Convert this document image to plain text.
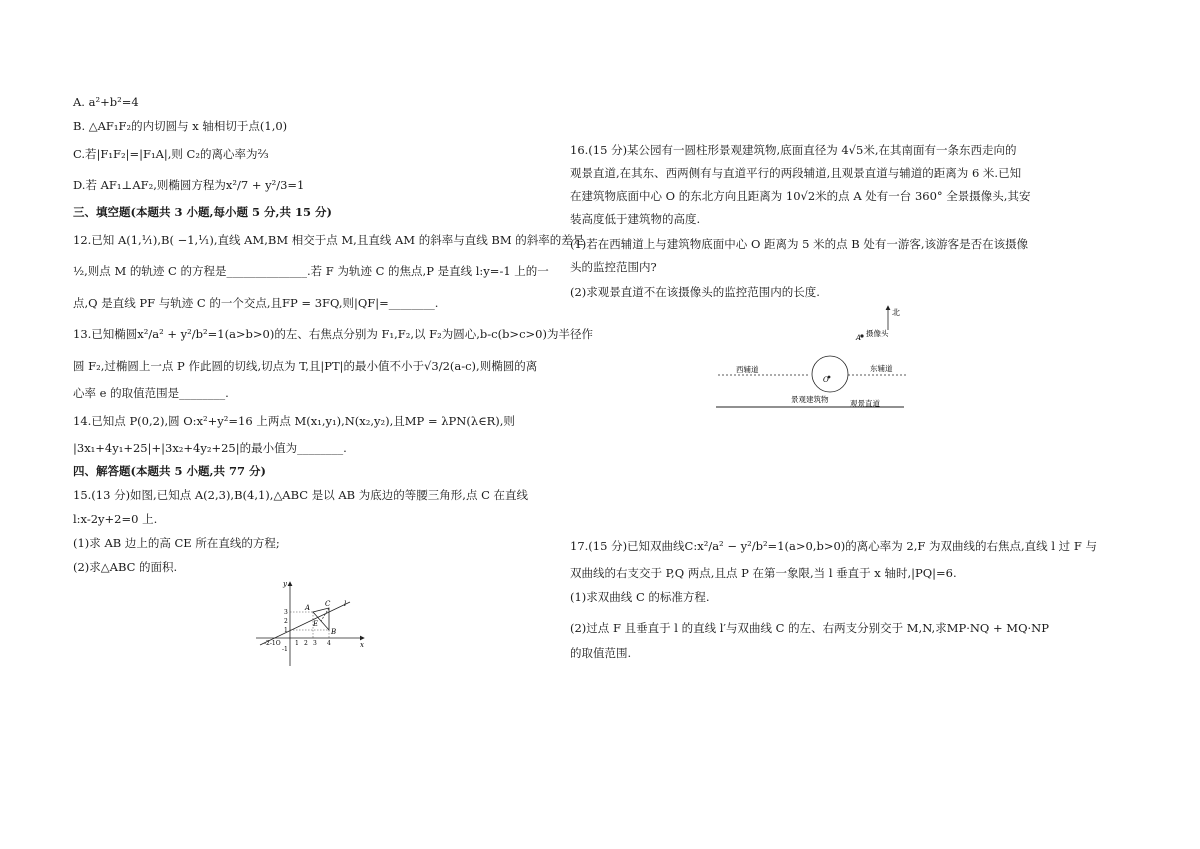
A. a²+b²=4
B. △AF₁F₂的内切圆与 x 轴相切于点(1,0)
C.若|F₁F₂|=|F₁A|,则 C₂的离心率为²⁄₃
D.若 AF₁⊥AF₂,则椭圆方程为x²/7 + y²/3=1
三、填空题(本题共 3 小题,每小题 5 分,共 15 分)
12.已知 A(1,¹⁄₁),B( −1,¹⁄₁),直线 AM,BM 相交于点 M,且直线 AM 的斜率与直线 BM 的斜率的差是
½,则点 M 的轨迹 C 的方程是______________.若 F 为轨迹 C 的焦点,P 是直线 l:y=-1 上的一
点,Q 是直线 PF 与轨迹 C 的一个交点,且FP = 3FQ,则|QF|=________.
13.已知椭圆x²/a² + y²/b²=1(a>b>0)的左、右焦点分别为 F₁,F₂,以 F₂为圆心,b-c(b>c>0)为半径作
圆 F₂,过椭圆上一点 P 作此圆的切线,切点为 T,且|PT|的最小值不小于√3/2(a-c),则椭圆的离
心率 e 的取值范围是________.
14.已知点 P(0,2),圆 O:x²+y²=16 上两点 M(x₁,y₁),N(x₂,y₂),且MP = λPN(λ∈R),则
|3x₁+4y₁+25|+|3x₂+4y₂+25|的最小值为________.
四、解答题(本题共 5 小题,共 77 分)
15.(13 分)如图,已知点 A(2,3),B(4,1),△ABC 是以 AB 为底边的等腰三角形,点 C 在直线
l:x-2y+2=0 上.
(1)求 AB 边上的高 CE 所在直线的方程;
(2)求△ABC 的面积.
y
x
l
A
B
C
E
3
2
1
-1
-2-1O 1 2 3 4
16.(15 分)某公园有一圆柱形景观建筑物,底面直径为 4√5米,在其南面有一条东西走向的
观景直道,在其东、西两侧有与直道平行的两段辅道,且观景直道与辅道的距离为 6 米.已知
在建筑物底面中心 O 的东北方向且距离为 10√2米的点 A 处有一台 360° 全景摄像头,其安
装高度低于建筑物的高度.
(1)若在西辅道上与建筑物底面中心 O 距离为 5 米的点 B 处有一游客,该游客是否在该摄像
头的监控范围内?
(2)求观景直道不在该摄像头的监控范围内的长度.
17.(15 分)已知双曲线C:x²/a² − y²/b²=1(a>0,b>0)的离心率为 2,F 为双曲线的右焦点,直线 l 过 F 与
双曲线的右支交于 P,Q 两点,且点 P 在第一象限,当 l 垂直于 x 轴时,|PQ|=6.
(1)求双曲线 C 的标准方程.
(2)过点 F 且垂直于 l 的直线 l′与双曲线 C 的左、右两支分别交于 M,N,求MP·NQ + MQ·NP
的取值范围.
北
A 摄像头
西辅道	东辅道
O
景观建筑物	观景直道
